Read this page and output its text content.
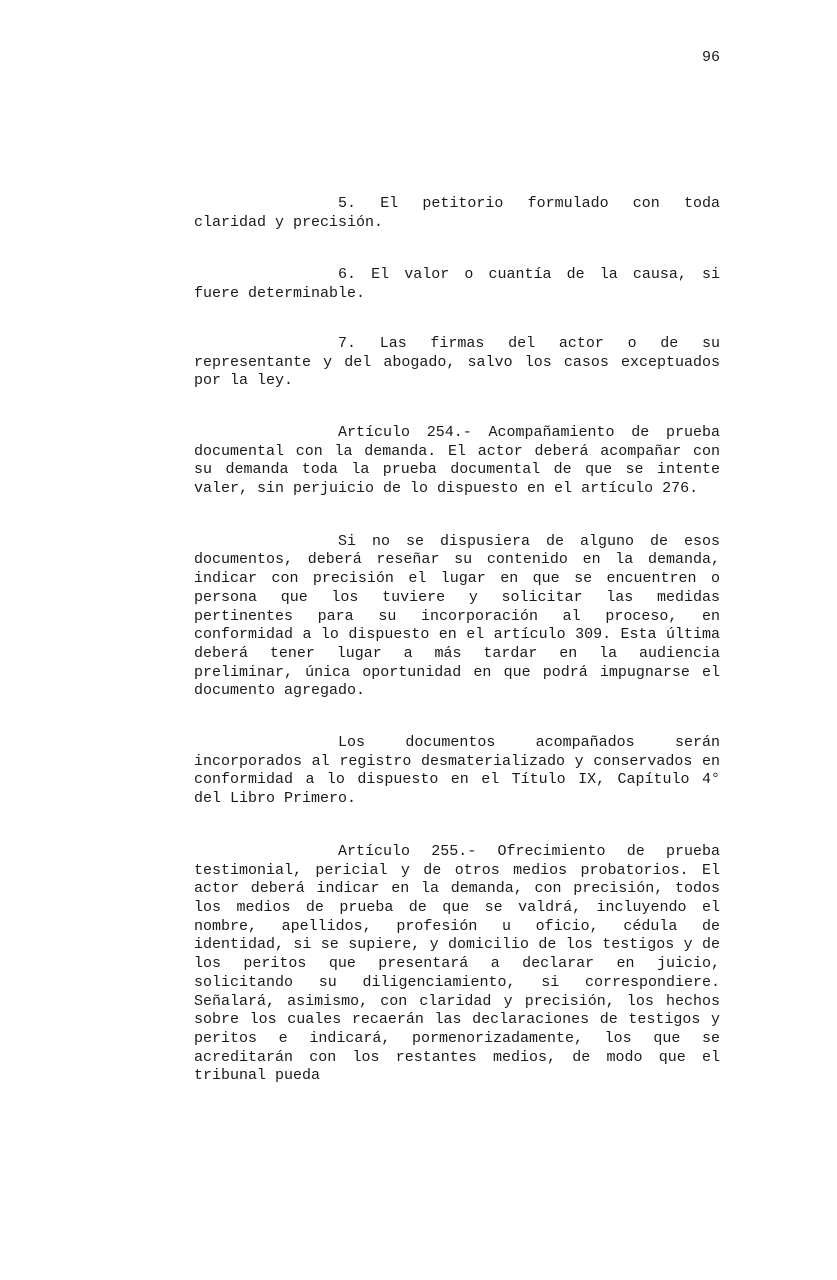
96

5. El petitorio formulado con toda claridad y precisión.

6. El valor o cuantía de la causa, si fuere determinable.

7. Las firmas del actor o de su representante y del abogado, salvo los casos exceptuados por la ley.

Artículo 254.- Acompañamiento de prueba documental con la demanda. El actor deberá acompañar con su demanda toda la prueba documental de que se intente valer, sin perjuicio de lo dispuesto en el artículo 276.

Si no se dispusiera de alguno de esos documentos, deberá reseñar su contenido en la demanda, indicar con precisión el lugar en que se encuentren o persona que los tuviere y solicitar las medidas pertinentes para su incorporación al proceso, en conformidad a lo dispuesto en el artículo 309. Esta última deberá tener lugar a más tardar en la audiencia preliminar, única oportunidad en que podrá impugnarse el documento agregado.

Los documentos acompañados serán incorporados al registro desmaterializado y conservados en conformidad a lo dispuesto en el Título IX, Capítulo 4° del Libro Primero.

Artículo 255.- Ofrecimiento de prueba testimonial, pericial y de otros medios probatorios. El actor deberá indicar en la demanda, con precisión, todos los medios de prueba de que se valdrá, incluyendo el nombre, apellidos, profesión u oficio, cédula de identidad, si se supiere, y domicilio de los testigos y de los peritos que presentará a declarar en juicio, solicitando su diligenciamiento, si correspondiere. Señalará, asimismo, con claridad y precisión, los hechos sobre los cuales recaerán las declaraciones de testigos y peritos e indicará, pormenorizadamente, los que se acreditarán con los restantes medios, de modo que el tribunal pueda
